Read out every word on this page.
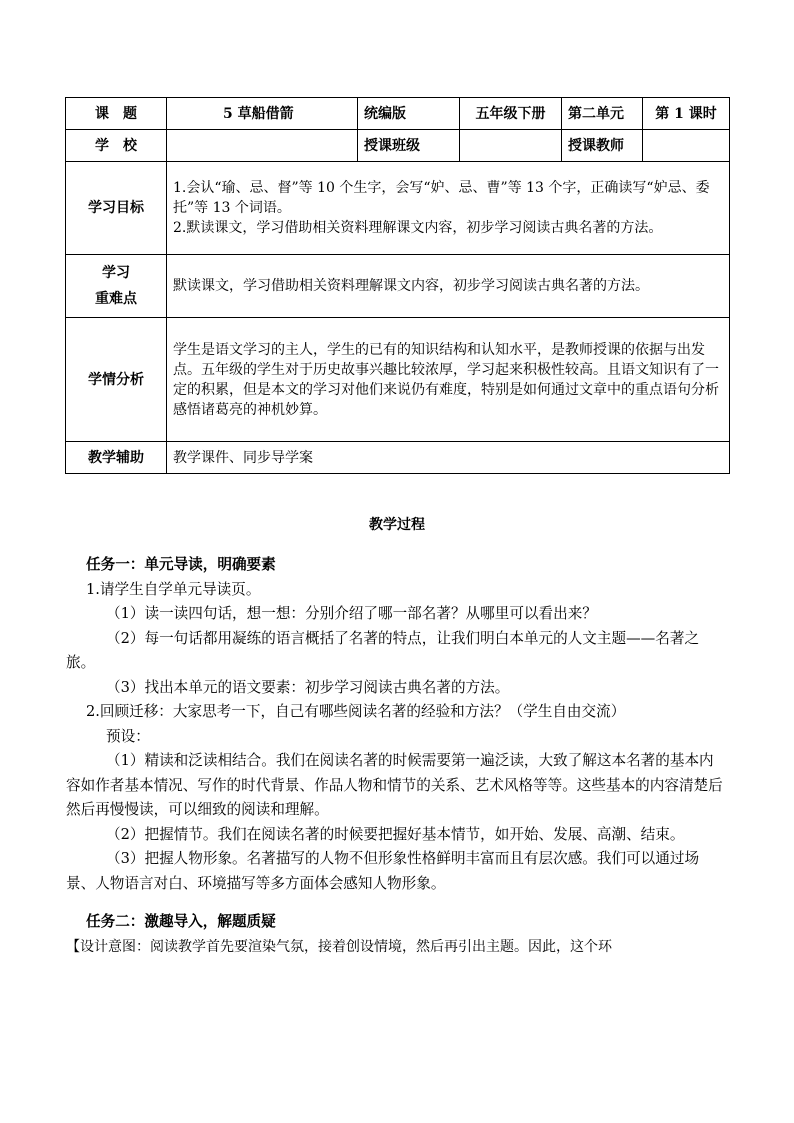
课　题	5 草船借箭	统编版	五年级下册	第二单元	第 1 课时
学　校		授课班级		授课教师	
学习目标	1.会认“瑜、忌、督”等 10 个生字，会写“妒、忌、曹”等 13 个字，正确读写“妒忌、委托”等 13 个词语。
2.默读课文，学习借助相关资料理解课文内容，初步学习阅读古典名著的方法。				

学习
重难点	默读课文，学习借助相关资料理解课文内容，初步学习阅读古典名著的方法。				
学情分析	学生是语文学习的主人，学生的已有的知识结构和认知水平，是教师授课的依据与出发点。五年级的学生对于历史故事兴趣比较浓厚，学习起来积极性较高。且语文知识有了一定的积累，但是本文的学习对他们来说仍有难度，特别是如何通过文章中的重点语句分析感悟诸葛亮的神机妙算。				
教学辅助	教学课件、同步导学案				
教学过程
任务一：单元导读，明确要素
1.请学生自学单元导读页。
（1）读一读四句话，想一想：分别介绍了哪一部名著？从哪里可以看出来？
（2）每一句话都用凝练的语言概括了名著的特点，让我们明白本单元的人文主题——名著之旅。
（3）找出本单元的语文要素：初步学习阅读古典名著的方法。
2.回顾迁移：大家思考一下，自己有哪些阅读名著的经验和方法？（学生自由交流）
预设：
（1）精读和泛读相结合。我们在阅读名著的时候需要第一遍泛读，大致了解这本名著的基本内容如作者基本情况、写作的时代背景、作品人物和情节的关系、艺术风格等等。这些基本的内容清楚后然后再慢慢读，可以细致的阅读和理解。
（2）把握情节。我们在阅读名著的时候要把握好基本情节，如开始、发展、高潮、结束。
（3）把握人物形象。名著描写的人物不但形象性格鲜明丰富而且有层次感。我们可以通过场景、人物语言对白、环境描写等多方面体会感知人物形象。
任务二：激趣导入，解题质疑
【设计意图：阅读教学首先要渲染气氛，接着创设情境，然后再引出主题。因此，这个环
